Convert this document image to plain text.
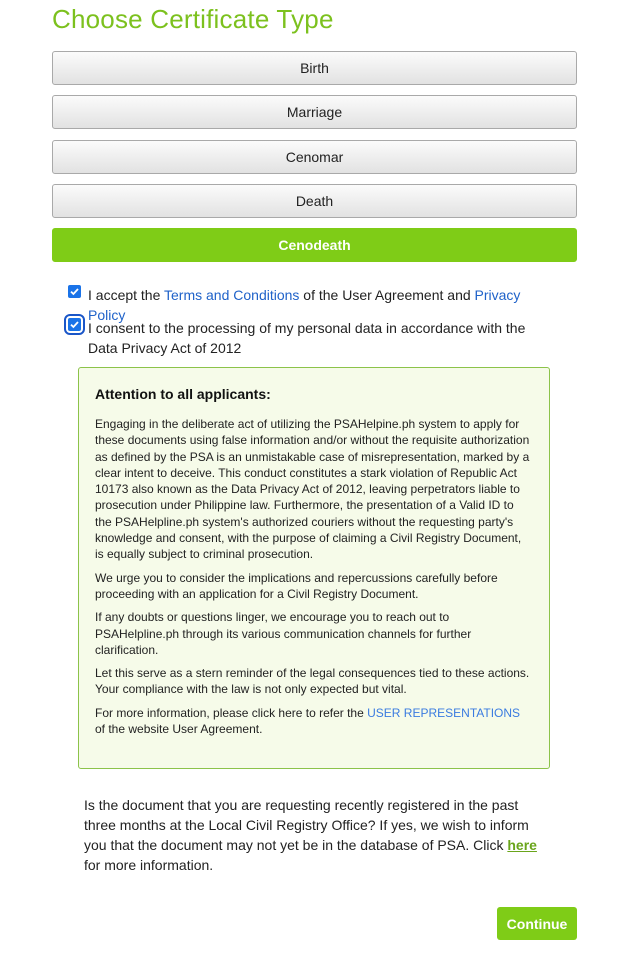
Choose Certificate Type
Birth
Marriage
Cenomar
Death
Cenodeath
I accept the Terms and Conditions of the User Agreement and Privacy Policy
I consent to the processing of my personal data in accordance with the Data Privacy Act of 2012
Attention to all applicants:

Engaging in the deliberate act of utilizing the PSAHelpine.ph system to apply for these documents using false information and/or without the requisite authorization as defined by the PSA is an unmistakable case of misrepresentation, marked by a clear intent to deceive. This conduct constitutes a stark violation of Republic Act 10173 also known as the Data Privacy Act of 2012, leaving perpetrators liable to prosecution under Philippine law. Furthermore, the presentation of a Valid ID to the PSAHelpline.ph system's authorized couriers without the requesting party's knowledge and consent, with the purpose of claiming a Civil Registry Document, is equally subject to criminal prosecution.

We urge you to consider the implications and repercussions carefully before proceeding with an application for a Civil Registry Document.

If any doubts or questions linger, we encourage you to reach out to PSAHelpline.ph through its various communication channels for further clarification.

Let this serve as a stern reminder of the legal consequences tied to these actions. Your compliance with the law is not only expected but vital.

For more information, please click here to refer the USER REPRESENTATIONS of the website User Agreement.

Is the document that you are requesting recently registered in the past three months at the Local Civil Registry Office? If yes, we wish to inform you that the document may not yet be in the database of PSA. Click here for more information.

Continue
